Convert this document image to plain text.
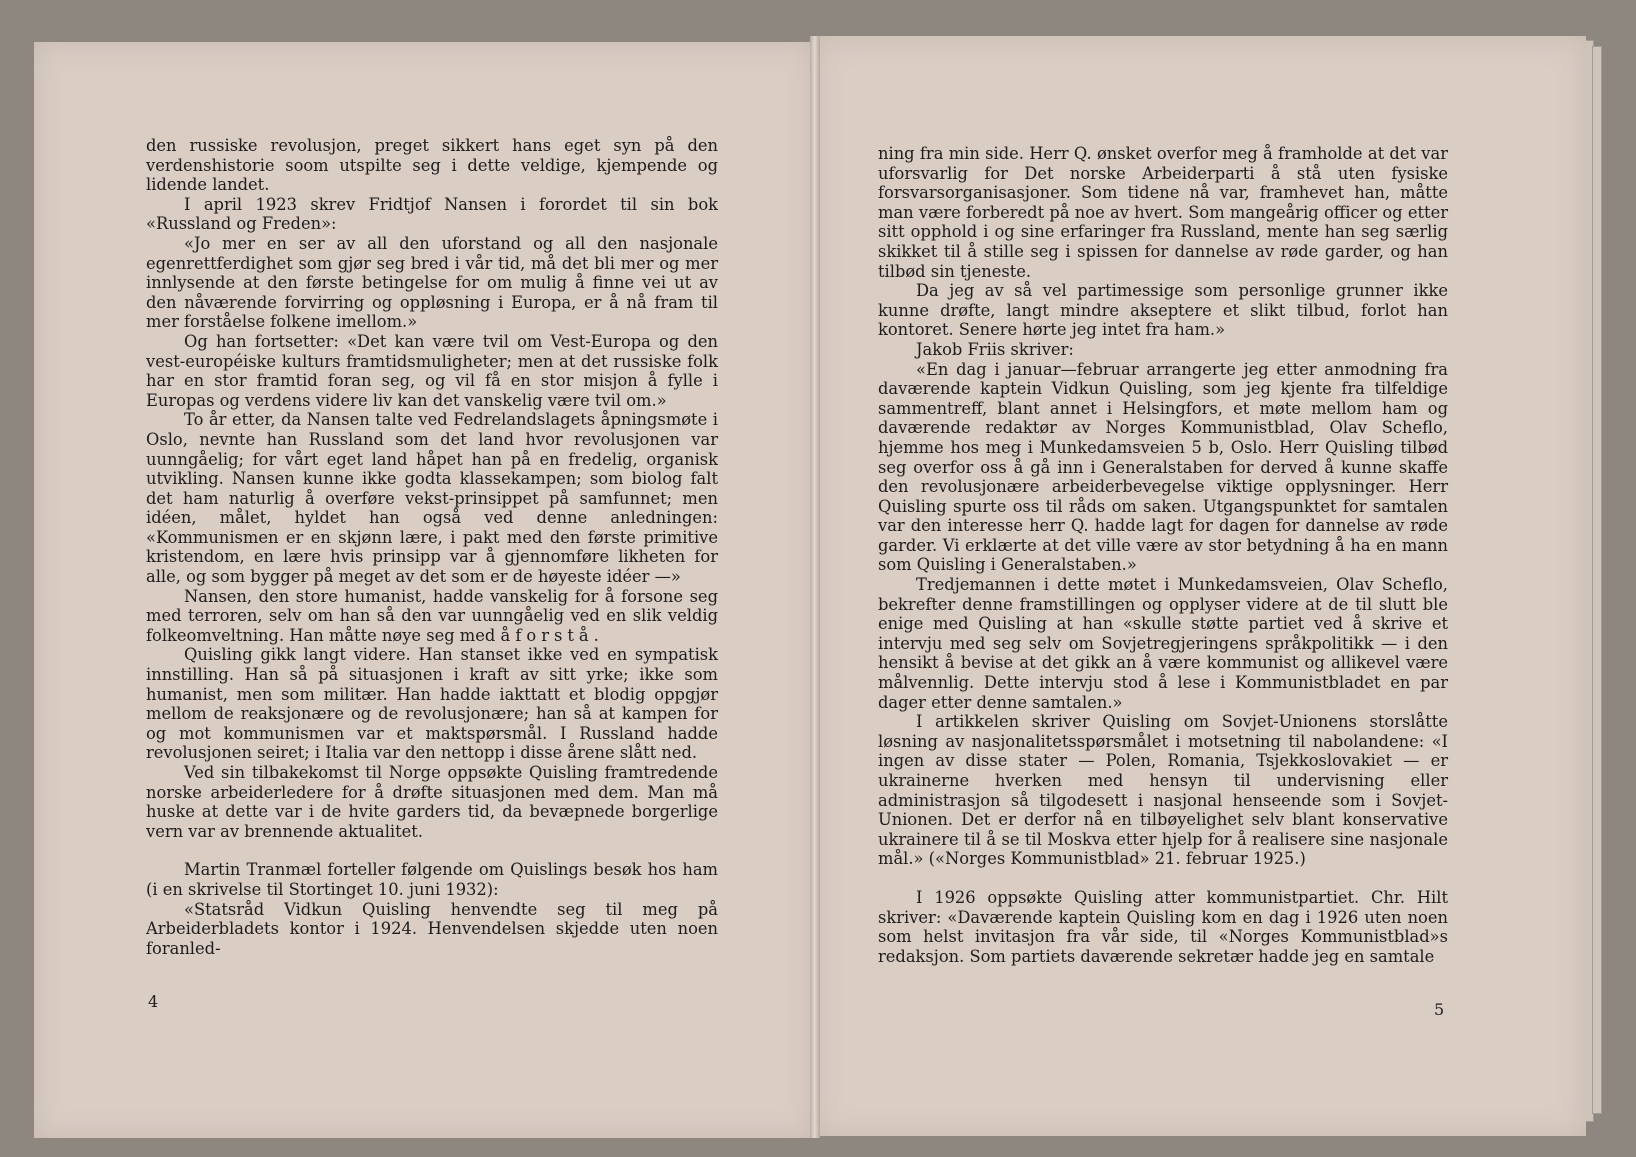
den russiske revolusjon, preget sikkert hans eget syn på den verdenshistorie soom utspilte seg i dette veldige, kjempende og lidende landet.

I april 1923 skrev Fridtjof Nansen i forordet til sin bok «Russland og Freden»:

«Jo mer en ser av all den uforstand og all den nasjonale egenrettferdighet som gjør seg bred i vår tid, må det bli mer og mer innlysende at den første betingelse for om mulig å finne vei ut av den nåværende forvirring og oppløsning i Europa, er å nå fram til mer forståelse folkene imellom.»

Og han fortsetter: «Det kan være tvil om Vest-Europa og den vest-européiske kulturs framtidsmuligheter; men at det russiske folk har en stor framtid foran seg, og vil få en stor misjon å fylle i Europas og verdens videre liv kan det vanskelig være tvil om.»

To år etter, da Nansen talte ved Fedrelandslagets åpningsmøte i Oslo, nevnte han Russland som det land hvor revolusjonen var uunngåelig; for vårt eget land håpet han på en fredelig, organisk utvikling. Nansen kunne ikke godta klassekampen; som biolog falt det ham naturlig å overføre vekst-prinsippet på samfunnet; men idéen, målet, hyldet han også ved denne anledningen: «Kommunismen er en skjønn lære, i pakt med den første primitive kristendom, en lære hvis prinsipp var å gjennomføre likheten for alle, og som bygger på meget av det som er de høyeste idéer —»

Nansen, den store humanist, hadde vanskelig for å forsone seg med terroren, selv om han så den var uunngåelig ved en slik veldig folkeomveltning. Han måtte nøye seg med å forstå.

Quisling gikk langt videre. Han stanset ikke ved en sympatisk innstilling. Han så på situasjonen i kraft av sitt yrke; ikke som humanist, men som militær. Han hadde iakttatt et blodig oppgjør mellom de reaksjonære og de revolusjonære; han så at kampen for og mot kommunismen var et maktspørsmål. I Russland hadde revolusjonen seiret; i Italia var den nettopp i disse årene slått ned.

Ved sin tilbakekomst til Norge oppsøkte Quisling framtredende norske arbeiderledere for å drøfte situasjonen med dem. Man må huske at dette var i de hvite garders tid, da bevæpnede borgerlige vern var av brennende aktualitet.

Martin Tranmæl forteller følgende om Quislings besøk hos ham (i en skrivelse til Stortinget 10. juni 1932):

«Statsråd Vidkun Quisling henvendte seg til meg på Arbeiderbladets kontor i 1924. Henvendelsen skjedde uten noen foranled-

4

ning fra min side. Herr Q. ønsket overfor meg å framholde at det var uforsvarlig for Det norske Arbeiderparti å stå uten fysiske forsvarsorganisasjoner. Som tidene nå var, framhevet han, måtte man være forberedt på noe av hvert. Som mangeårig officer og etter sitt opphold i og sine erfaringer fra Russland, mente han seg særlig skikket til å stille seg i spissen for dannelse av røde garder, og han tilbød sin tjeneste.

Da jeg av så vel partimessige som personlige grunner ikke kunne drøfte, langt mindre akseptere et slikt tilbud, forlot han kontoret. Senere hørte jeg intet fra ham.»

Jakob Friis skriver:

«En dag i januar—februar arrangerte jeg etter anmodning fra daværende kaptein Vidkun Quisling, som jeg kjente fra tilfeldige sammentreff, blant annet i Helsingfors, et møte mellom ham og daværende redaktør av Norges Kommunistblad, Olav Scheflo, hjemme hos meg i Munkedamsveien 5 b, Oslo. Herr Quisling tilbød seg overfor oss å gå inn i Generalstaben for derved å kunne skaffe den revolusjonære arbeiderbevegelse viktige opplysninger. Herr Quisling spurte oss til råds om saken. Utgangspunktet for samtalen var den interesse herr Q. hadde lagt for dagen for dannelse av røde garder. Vi erklærte at det ville være av stor betydning å ha en mann som Quisling i Generalstaben.»

Tredjemannen i dette møtet i Munkedamsveien, Olav Scheflo, bekrefter denne framstillingen og opplyser videre at de til slutt ble enige med Quisling at han «skulle støtte partiet ved å skrive et intervju med seg selv om Sovjetregjeringens språkpolitikk — i den hensikt å bevise at det gikk an å være kommunist og allikevel være målvennlig. Dette intervju stod å lese i Kommunistbladet en par dager etter denne samtalen.»

I artikkelen skriver Quisling om Sovjet-Unionens storslåtte løsning av nasjonalitetsspørsmålet i motsetning til nabolandene: «I ingen av disse stater — Polen, Romania, Tsjekkoslovakiet — er ukrainerne hverken med hensyn til undervisning eller administrasjon så tilgodesett i nasjonal henseende som i Sovjet-Unionen. Det er derfor nå en tilbøyelighet selv blant konservative ukrainere til å se til Moskva etter hjelp for å realisere sine nasjonale mål.» («Norges Kommunistblad» 21. februar 1925.)

I 1926 oppsøkte Quisling atter kommunistpartiet. Chr. Hilt skriver: «Daværende kaptein Quisling kom en dag i 1926 uten noen som helst invitasjon fra vår side, til «Norges Kommunistblad»s redaksjon. Som partiets daværende sekretær hadde jeg en samtale

5
